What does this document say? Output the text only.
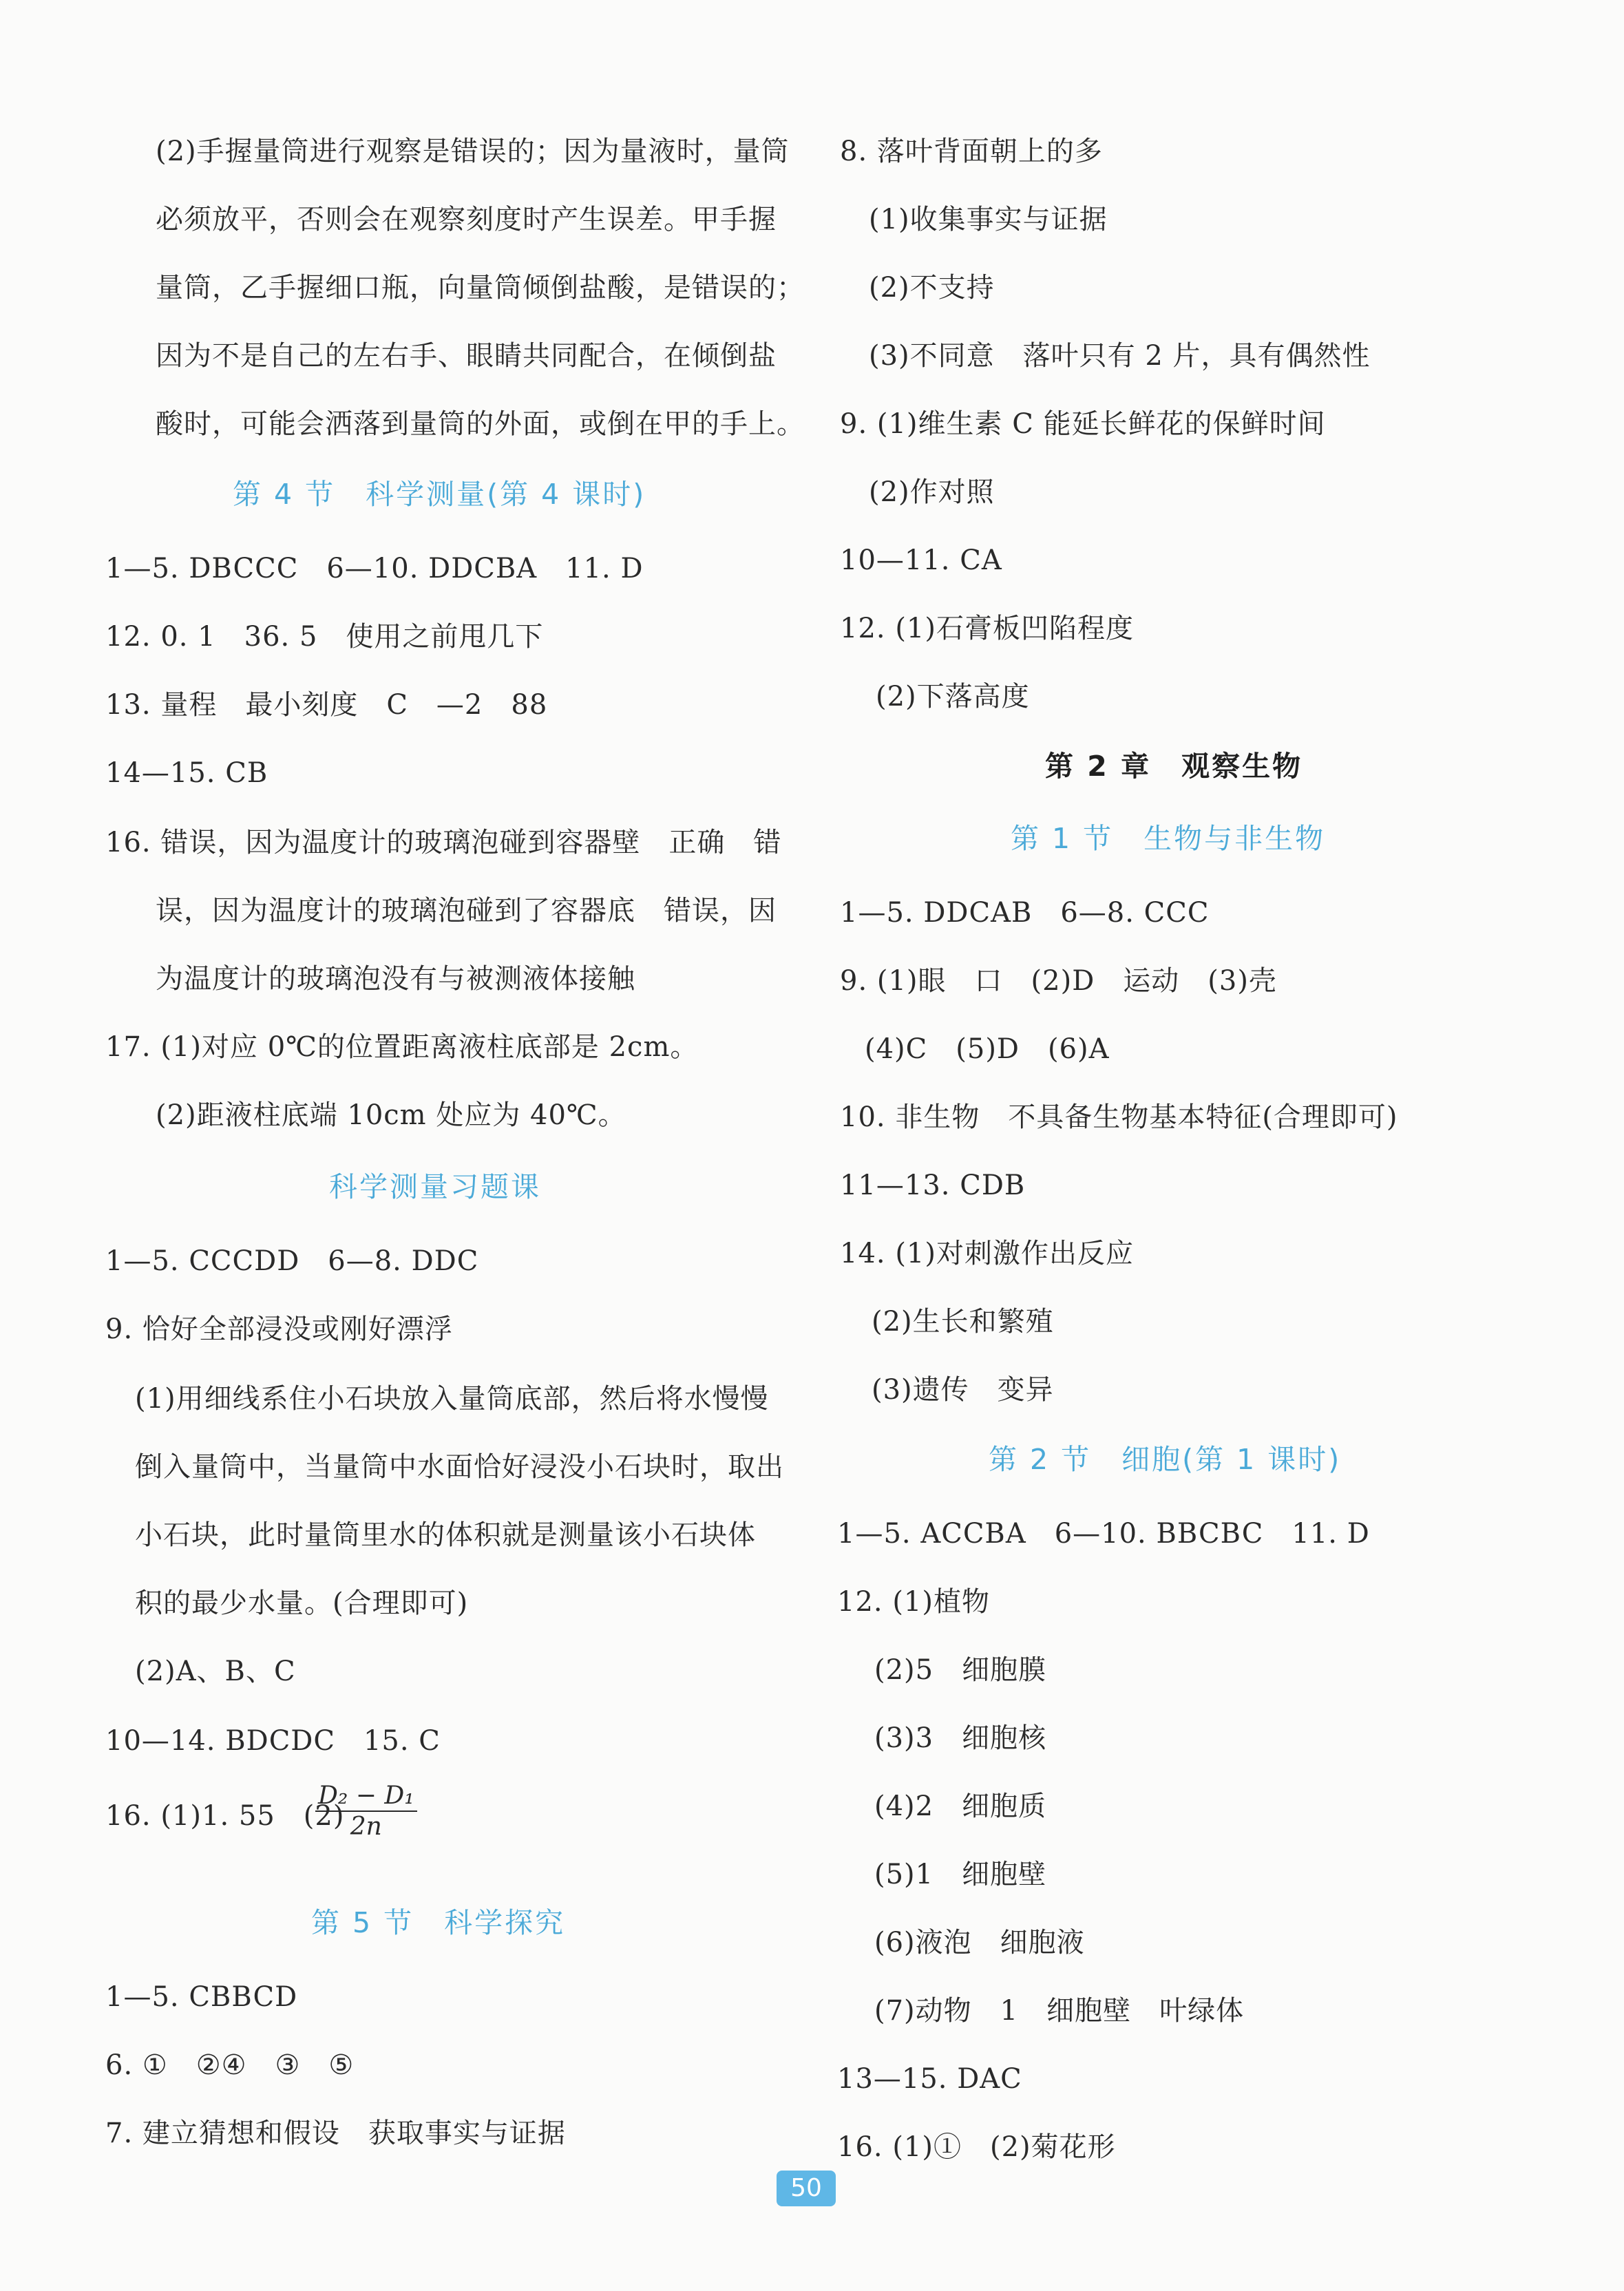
(2)手握量筒进行观察是错误的；因为量液时，量筒
必须放平，否则会在观察刻度时产生误差。甲手握
量筒，乙手握细口瓶，向量筒倾倒盐酸，是错误的；
因为不是自己的左右手、眼睛共同配合，在倾倒盐
酸时，可能会洒落到量筒的外面，或倒在甲的手上。
第 4 节　科学测量(第 4 课时)
1—5. DBCCC　6—10. DDCBA　11. D
12. 0. 1　36. 5　使用之前甩几下
13. 量程　最小刻度　C　—2　88
14—15. CB
16. 错误，因为温度计的玻璃泡碰到容器壁　正确　错
误，因为温度计的玻璃泡碰到了容器底　错误，因
为温度计的玻璃泡没有与被测液体接触
17. (1)对应 0℃的位置距离液柱底部是 2cm。
(2)距液柱底端 10cm 处应为 40℃。
科学测量习题课
1—5. CCCDD　6—8. DDC
9. 恰好全部浸没或刚好漂浮
(1)用细线系住小石块放入量筒底部，然后将水慢慢
倒入量筒中，当量筒中水面恰好浸没小石块时，取出
小石块，此时量筒里水的体积就是测量该小石块体
积的最少水量。(合理即可)
(2)A、B、C
10—14. BDCDC　15. C
16. (1)1. 55　(2)
$\frac{\text{D₂ − D₁}}{2n}$
第 5 节　科学探究
1—5. CBBCD
6. ①　②④　③　⑤
7. 建立猜想和假设　获取事实与证据
8. 落叶背面朝上的多
(1)收集事实与证据
(2)不支持
(3)不同意　落叶只有 2 片，具有偶然性
9. (1)维生素 C 能延长鲜花的保鲜时间
(2)作对照
10—11. CA
12. (1)石膏板凹陷程度
(2)下落高度
第 2 章　观察生物
第 1 节　生物与非生物
1—5. DDCAB　6—8. CCC
9. (1)眼　口　(2)D　运动　(3)壳
(4)C　(5)D　(6)A
10. 非生物　不具备生物基本特征(合理即可)
11—13. CDB
14. (1)对刺激作出反应
(2)生长和繁殖
(3)遗传　变异
第 2 节　细胞(第 1 课时)
1—5. ACCBA　6—10. BBCBC　11. D
12. (1)植物
(2)5　细胞膜
(3)3　细胞核
(4)2　细胞质
(5)1　细胞壁
(6)液泡　细胞液
(7)动物　1　细胞壁　叶绿体
13—15. DAC
16. (1)①　(2)菊花形
50
